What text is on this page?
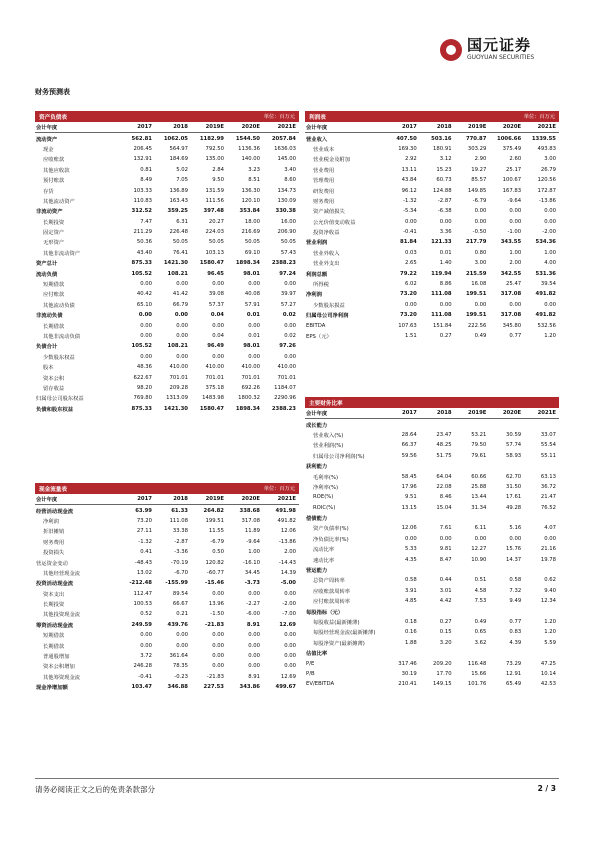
国元证券
GUOYUAN SECURITIES
财务预测表
资产负债表	单位：百万元
会计年度	2017	2018	2019E	2020E	2021E
流动资产	562.81	1062.05	1182.99	1544.50	2057.84
现金	206.45	564.97	792.50	1136.36	1636.03
应收账款	132.91	184.69	135.00	140.00	145.00
其他应收款	0.81	5.02	2.84	3.23	3.40
预付账款	8.49	7.05	9.50	8.51	8.60
存货	103.33	136.89	131.59	136.30	134.73
其他流动资产	110.83	163.43	111.56	120.10	130.09
非流动资产	312.52	359.25	397.48	353.84	330.38
长期投资	7.47	6.31	20.27	18.00	16.00
固定资产	211.29	226.48	224.03	216.69	206.90
无形资产	50.36	50.05	50.05	50.05	50.05
其他非流动资产	43.40	76.41	103.13	69.10	57.43
资产总计	875.33	1421.30	1580.47	1898.34	2388.23
流动负债	105.52	108.21	96.45	98.01	97.24
短期借款	0.00	0.00	0.00	0.00	0.00
应付账款	40.42	41.42	39.08	40.08	39.97
其他流动负债	65.10	66.79	57.37	57.91	57.27
非流动负债	0.00	0.00	0.04	0.01	0.02
长期借款	0.00	0.00	0.00	0.00	0.00
其他非流动负债	0.00	0.00	0.04	0.01	0.02
负债合计	105.52	108.21	96.49	98.01	97.26
少数股东权益	0.00	0.00	0.00	0.00	0.00
股本	48.36	410.00	410.00	410.00	410.00
资本公积	622.67	701.01	701.01	701.01	701.01
留存收益	98.20	209.28	375.18	692.26	1184.07
归属母公司股东权益	769.80	1313.09	1483.98	1800.32	2290.96
负债和股东权益	875.33	1421.30	1580.47	1898.34	2388.23
现金流量表	单位：百万元
会计年度	2017	2018	2019E	2020E	2021E
经营活动现金流	63.99	61.33	264.82	338.68	491.98
净利润	73.20	111.08	199.51	317.08	491.82
折旧摊销	27.11	33.38	11.55	11.89	12.06
财务费用	-1.32	-2.87	-6.79	-9.64	-13.86
投资损失	0.41	-3.36	0.50	1.00	2.00
营运资金变动	-48.43	-70.19	120.82	-16.10	-14.43
其他经营现金流	13.02	-6.70	-60.77	34.45	14.39
投资活动现金流	-212.48	-155.99	-15.46	-3.73	-5.00
资本支出	112.47	89.54	0.00	0.00	0.00
长期投资	100.53	66.67	13.96	-2.27	-2.00
其他投资现金流	0.52	0.21	-1.50	-6.00	-7.00
筹资活动现金流	249.59	439.76	-21.83	8.91	12.69
短期借款	0.00	0.00	0.00	0.00	0.00
长期借款	0.00	0.00	0.00	0.00	0.00
普通股增加	3.72	361.64	0.00	0.00	0.00
资本公积增加	246.28	78.35	0.00	0.00	0.00
其他筹资现金流	-0.41	-0.23	-21.83	8.91	12.69
现金净增加额	103.47	346.88	227.53	343.86	499.67
利润表	单位：百万元
会计年度	2017	2018	2019E	2020E	2021E
营业收入	407.50	503.16	770.87	1006.66	1339.55
营业成本	169.30	180.91	303.29	375.49	493.83
营业税金及附加	2.92	3.12	2.90	2.60	3.00
营业费用	13.11	15.23	19.27	25.17	26.79
管理费用	43.84	60.73	85.57	100.67	120.56
研发费用	96.12	124.88	149.85	167.83	172.87
财务费用	-1.32	-2.87	-6.79	-9.64	-13.86
资产减值损失	-5.34	-6.38	0.00	0.00	0.00
公允价值变动收益	0.00	0.00	0.00	0.00	0.00
投资净收益	-0.41	3.36	-0.50	-1.00	-2.00
营业利润	81.84	121.33	217.79	343.55	534.36
营业外收入	0.03	0.01	0.80	1.00	1.00
营业外支出	2.65	1.40	3.00	2.00	4.00
利润总额	79.22	119.94	215.59	342.55	531.36
所得税	6.02	8.86	16.08	25.47	39.54
净利润	73.20	111.08	199.51	317.08	491.82
少数股东损益	0.00	0.00	0.00	0.00	0.00
归属母公司净利润	73.20	111.08	199.51	317.08	491.82
EBITDA	107.63	151.84	222.56	345.80	532.56
EPS（元）	1.51	0.27	0.49	0.77	1.20
主要财务比率
会计年度	2017	2018	2019E	2020E	2021E
成长能力					
营业收入(%)	28.64	23.47	53.21	30.59	33.07
营业利润(%)	66.37	48.25	79.50	57.74	55.54
归属母公司净利润(%)	59.56	51.75	79.61	58.93	55.11
获利能力					
毛利率(%)	58.45	64.04	60.66	62.70	63.13
净利率(%)	17.96	22.08	25.88	31.50	36.72
ROE(%)	9.51	8.46	13.44	17.61	21.47
ROIC(%)	13.15	15.04	31.34	49.28	76.52
偿债能力					
资产负债率(%)	12.06	7.61	6.11	5.16	4.07
净负债比率(%)	0.00	0.00	0.00	0.00	0.00
流动比率	5.33	9.81	12.27	15.76	21.16
速动比率	4.35	8.47	10.90	14.37	19.78
营运能力					
总资产周转率	0.58	0.44	0.51	0.58	0.62
应收账款周转率	3.91	3.01	4.58	7.32	9.40
应付账款周转率	4.85	4.42	7.53	9.49	12.34
每股指标（元）					
每股收益(最新摊薄)	0.18	0.27	0.49	0.77	1.20
每股经营现金流(最新摊薄)	0.16	0.15	0.65	0.83	1.20
每股净资产(最新摊薄)	1.88	3.20	3.62	4.39	5.59
估值比率					
P/E	317.46	209.20	116.48	73.29	47.25
P/B	30.19	17.70	15.66	12.91	10.14
EV/EBITDA	210.41	149.15	101.76	65.49	42.53
请务必阅读正文之后的免责条款部分	2 / 3
